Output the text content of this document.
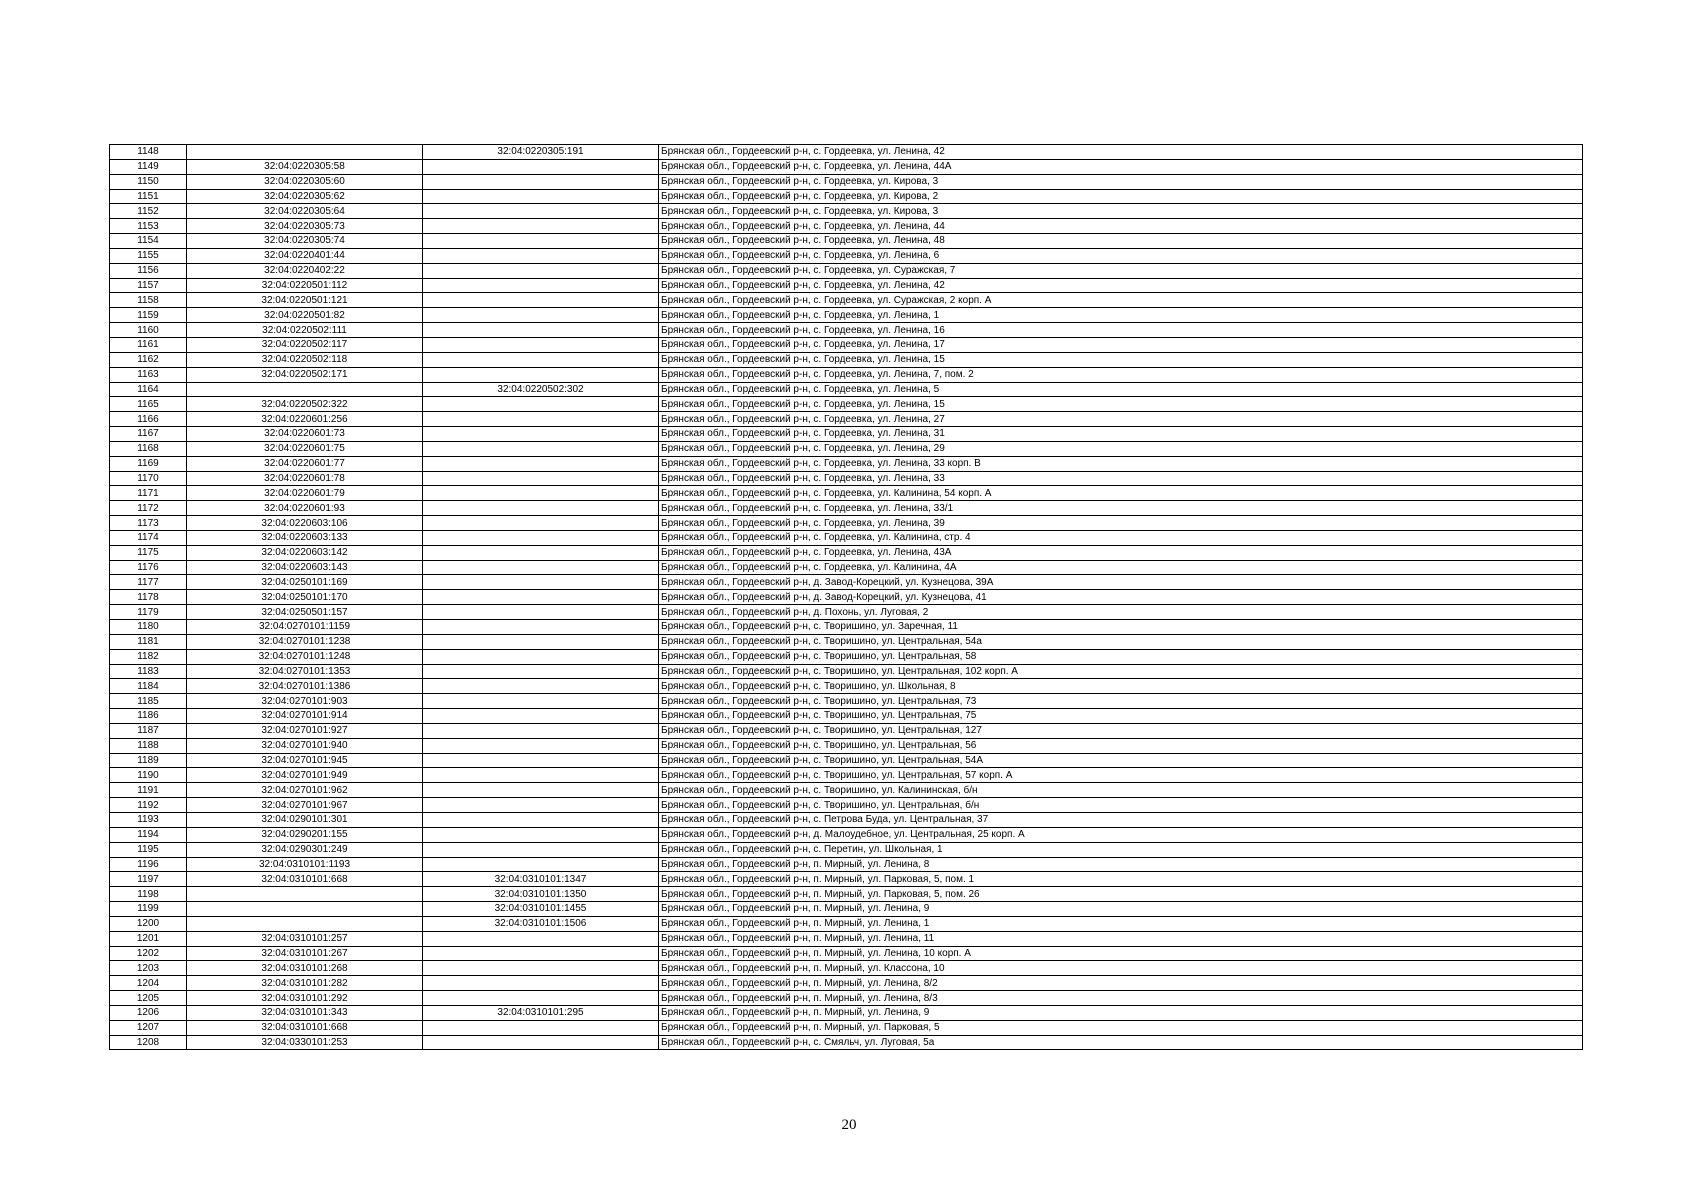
1148		32:04:0220305:191	Брянская обл., Гордеевский р-н, с. Гордеевка, ул. Ленина, 42
1149	32:04:0220305:58		Брянская обл., Гордеевский р-н, с. Гордеевка, ул. Ленина, 44А
1150	32:04:0220305:60		Брянская обл., Гордеевский р-н, с. Гордеевка, ул. Кирова, 3
1151	32:04:0220305:62		Брянская обл., Гордеевский р-н, с. Гордеевка, ул. Кирова, 2
1152	32:04:0220305:64		Брянская обл., Гордеевский р-н, с. Гордеевка, ул. Кирова, 3
1153	32:04:0220305:73		Брянская обл., Гордеевский р-н, с. Гордеевка, ул. Ленина, 44
1154	32:04:0220305:74		Брянская обл., Гордеевский р-н, с. Гордеевка, ул. Ленина, 48
1155	32:04:0220401:44		Брянская обл., Гордеевский р-н, с. Гордеевка, ул. Ленина, 6
1156	32:04:0220402:22		Брянская обл., Гордеевский р-н, с. Гордеевка, ул. Суражская, 7
1157	32:04:0220501:112		Брянская обл., Гордеевский р-н, с. Гордеевка, ул. Ленина, 42
1158	32:04:0220501:121		Брянская обл., Гордеевский р-н, с. Гордеевка, ул. Суражская, 2 корп. А
1159	32:04:0220501:82		Брянская обл., Гордеевский р-н, с. Гордеевка, ул. Ленина, 1
1160	32:04:0220502:111		Брянская обл., Гордеевский р-н, с. Гордеевка, ул. Ленина, 16
1161	32:04:0220502:117		Брянская обл., Гордеевский р-н, с. Гордеевка, ул. Ленина, 17
1162	32:04:0220502:118		Брянская обл., Гордеевский р-н, с. Гордеевка, ул. Ленина, 15
1163	32:04:0220502:171		Брянская обл., Гордеевский р-н, с. Гордеевка, ул. Ленина, 7, пом. 2
1164		32:04:0220502:302	Брянская обл., Гордеевский р-н, с. Гордеевка, ул. Ленина, 5
1165	32:04:0220502:322		Брянская обл., Гордеевский р-н, с. Гордеевка, ул. Ленина, 15
1166	32:04:0220601:256		Брянская обл., Гордеевский р-н, с. Гордеевка, ул. Ленина, 27
1167	32:04:0220601:73		Брянская обл., Гордеевский р-н, с. Гордеевка, ул. Ленина, 31
1168	32:04:0220601:75		Брянская обл., Гордеевский р-н, с. Гордеевка, ул. Ленина, 29
1169	32:04:0220601:77		Брянская обл., Гордеевский р-н, с. Гордеевка, ул. Ленина, 33 корп. В
1170	32:04:0220601:78		Брянская обл., Гордеевский р-н, с. Гордеевка, ул. Ленина, 33
1171	32:04:0220601:79		Брянская обл., Гордеевский р-н, с. Гордеевка, ул. Калинина, 54 корп. А
1172	32:04:0220601:93		Брянская обл., Гордеевский р-н, с. Гордеевка, ул. Ленина, 33/1
1173	32:04:0220603:106		Брянская обл., Гордеевский р-н, с. Гордеевка, ул. Ленина, 39
1174	32:04:0220603:133		Брянская обл., Гордеевский р-н, с. Гордеевка, ул. Калинина, стр. 4
1175	32:04:0220603:142		Брянская обл., Гордеевский р-н, с. Гордеевка, ул. Ленина, 43А
1176	32:04:0220603:143		Брянская обл., Гордеевский р-н, с. Гордеевка, ул. Калинина, 4А
1177	32:04:0250101:169		Брянская обл., Гордеевский р-н, д. Завод-Корецкий, ул. Кузнецова, 39А
1178	32:04:0250101:170		Брянская обл., Гордеевский р-н, д. Завод-Корецкий, ул. Кузнецова, 41
1179	32:04:0250501:157		Брянская обл., Гордеевский р-н, д. Похонь, ул. Луговая, 2
1180	32:04:0270101:1159		Брянская обл., Гордеевский р-н, с. Творишино, ул. Заречная, 11
1181	32:04:0270101:1238		Брянская обл., Гордеевский р-н, с. Творишино, ул. Центральная, 54а
1182	32:04:0270101:1248		Брянская обл., Гордеевский р-н, с. Творишино, ул. Центральная, 58
1183	32:04:0270101:1353		Брянская обл., Гордеевский р-н, с. Творишино, ул. Центральная, 102 корп. А
1184	32:04:0270101:1386		Брянская обл., Гордеевский р-н, с. Творишино, ул. Школьная, 8
1185	32:04:0270101:903		Брянская обл., Гордеевский р-н, с. Творишино, ул. Центральная, 73
1186	32:04:0270101:914		Брянская обл., Гордеевский р-н, с. Творишино, ул. Центральная, 75
1187	32:04:0270101:927		Брянская обл., Гордеевский р-н, с. Творишино, ул. Центральная, 127
1188	32:04:0270101:940		Брянская обл., Гордеевский р-н, с. Творишино, ул. Центральная, 56
1189	32:04:0270101:945		Брянская обл., Гордеевский р-н, с. Творишино, ул. Центральная, 54А
1190	32:04:0270101:949		Брянская обл., Гордеевский р-н, с. Творишино, ул. Центральная, 57 корп. А
1191	32:04:0270101:962		Брянская обл., Гордеевский р-н, с. Творишино, ул. Калининская, б/н
1192	32:04:0270101:967		Брянская обл., Гордеевский р-н, с. Творишино, ул. Центральная, б/н
1193	32:04:0290101:301		Брянская обл., Гордеевский р-н, с. Петрова Буда, ул. Центральная, 37
1194	32:04:0290201:155		Брянская обл., Гордеевский р-н, д. Малоудебное, ул. Центральная, 25 корп. А
1195	32:04:0290301:249		Брянская обл., Гордеевский р-н, с. Перетин, ул. Школьная, 1
1196	32:04:0310101:1193		Брянская обл., Гордеевский р-н, п. Мирный, ул. Ленина, 8
1197	32:04:0310101:668	32:04:0310101:1347	Брянская обл., Гордеевский р-н, п. Мирный, ул. Парковая, 5, пом. 1
1198		32:04:0310101:1350	Брянская обл., Гордеевский р-н, п. Мирный, ул. Парковая, 5, пом. 26
1199		32:04:0310101:1455	Брянская обл., Гордеевский р-н, п. Мирный, ул. Ленина, 9
1200		32:04:0310101:1506	Брянская обл., Гордеевский р-н, п. Мирный, ул. Ленина, 1
1201	32:04:0310101:257		Брянская обл., Гордеевский р-н, п. Мирный, ул. Ленина, 11
1202	32:04:0310101:267		Брянская обл., Гордеевский р-н, п. Мирный, ул. Ленина, 10 корп. А
1203	32:04:0310101:268		Брянская обл., Гордеевский р-н, п. Мирный, ул. Классона, 10
1204	32:04:0310101:282		Брянская обл., Гордеевский р-н, п. Мирный, ул. Ленина, 8/2
1205	32:04:0310101:292		Брянская обл., Гордеевский р-н, п. Мирный, ул. Ленина, 8/3
1206	32:04:0310101:343	32:04:0310101:295	Брянская обл., Гордеевский р-н, п. Мирный, ул. Ленина, 9
1207	32:04:0310101:668		Брянская обл., Гордеевский р-н, п. Мирный, ул. Парковая, 5
1208	32:04:0330101:253		Брянская обл., Гордеевский р-н, с. Смяльч, ул. Луговая, 5а
20
